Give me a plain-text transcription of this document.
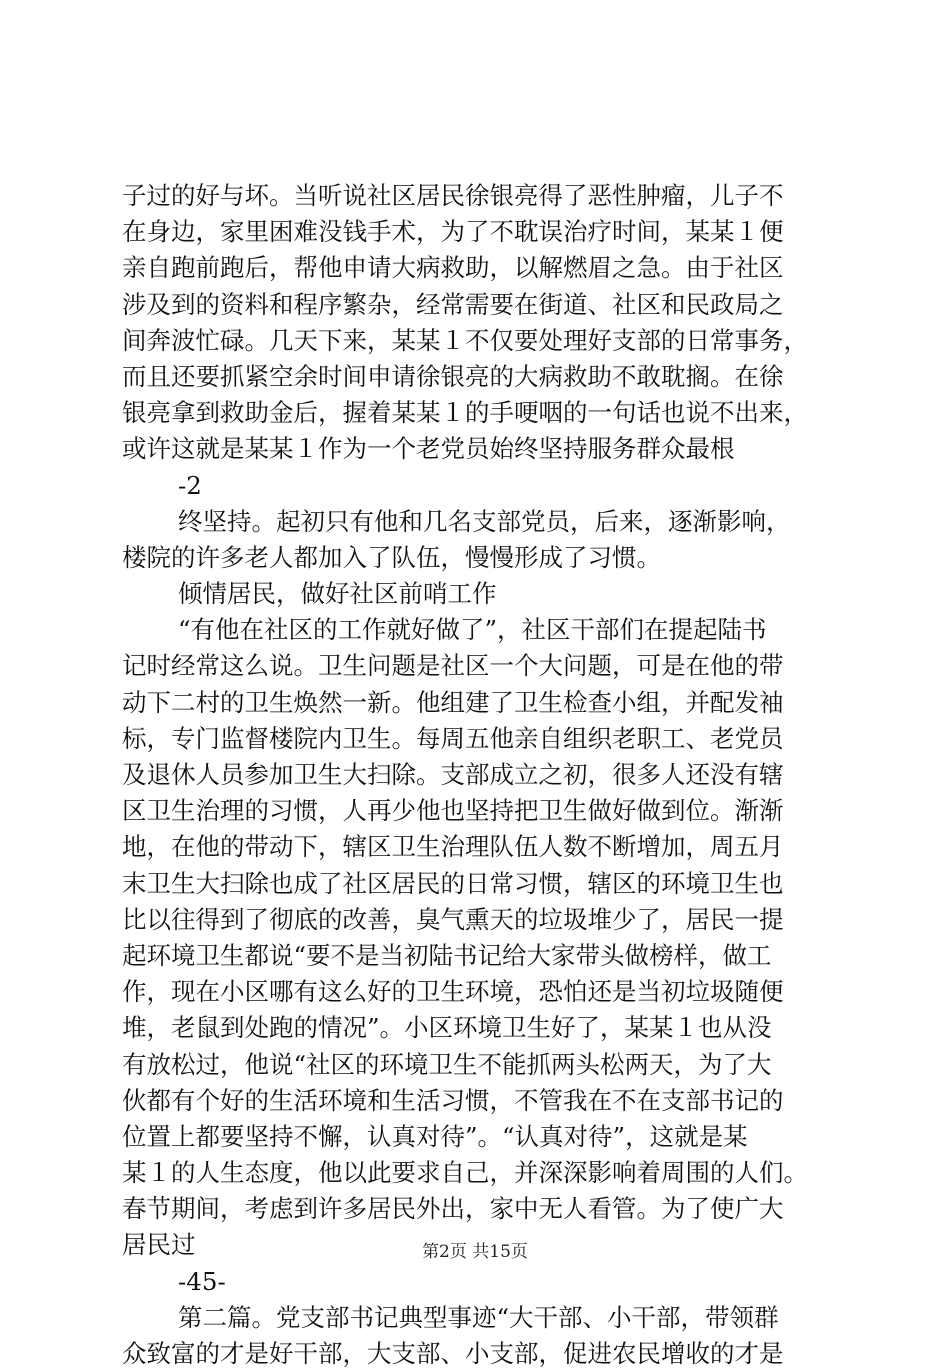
子过的好与坏。当听说社区居民徐银亮得了恶性肿瘤，儿子不
在身边，家里困难没钱手术，为了不耽误治疗时间，某某１便
亲自跑前跑后，帮他申请大病救助，以解燃眉之急。由于社区
涉及到的资料和程序繁杂，经常需要在街道、社区和民政局之
间奔波忙碌。几天下来，某某１不仅要处理好支部的日常事务，
而且还要抓紧空余时间申请徐银亮的大病救助不敢耽搁。在徐
银亮拿到救助金后，握着某某１的手哽咽的一句话也说不出来，
或许这就是某某１作为一个老党员始终坚持服务群众最根
-2
终坚持。起初只有他和几名支部党员，后来，逐渐影响，
楼院的许多老人都加入了队伍，慢慢形成了习惯。
倾情居民，做好社区前哨工作
“有他在社区的工作就好做了”，社区干部们在提起陆书
记时经常这么说。卫生问题是社区一个大问题，可是在他的带
动下二村的卫生焕然一新。他组建了卫生检查小组，并配发袖
标，专门监督楼院内卫生。每周五他亲自组织老职工、老党员
及退休人员参加卫生大扫除。支部成立之初，很多人还没有辖
区卫生治理的习惯，人再少他也坚持把卫生做好做到位。渐渐
地，在他的带动下，辖区卫生治理队伍人数不断增加，周五月
末卫生大扫除也成了社区居民的日常习惯，辖区的环境卫生也
比以往得到了彻底的改善，臭气熏天的垃圾堆少了，居民一提
起环境卫生都说“要不是当初陆书记给大家带头做榜样，做工
作，现在小区哪有这么好的卫生环境，恐怕还是当初垃圾随便
堆，老鼠到处跑的情况”。小区环境卫生好了，某某１也从没
有放松过，他说“社区的环境卫生不能抓两头松两天，为了大
伙都有个好的生活环境和生活习惯，不管我在不在支部书记的
位置上都要坚持不懈，认真对待”。“认真对待”，这就是某
某１的人生态度，他以此要求自己，并深深影响着周围的人们。
春节期间，考虑到许多居民外出，家中无人看管。为了使广大
居民过
-45-
第二篇。党支部书记典型事迹“大干部、小干部，带领群
众致富的才是好干部，大支部、小支部，促进农民增收的才是
第2页 共15页
